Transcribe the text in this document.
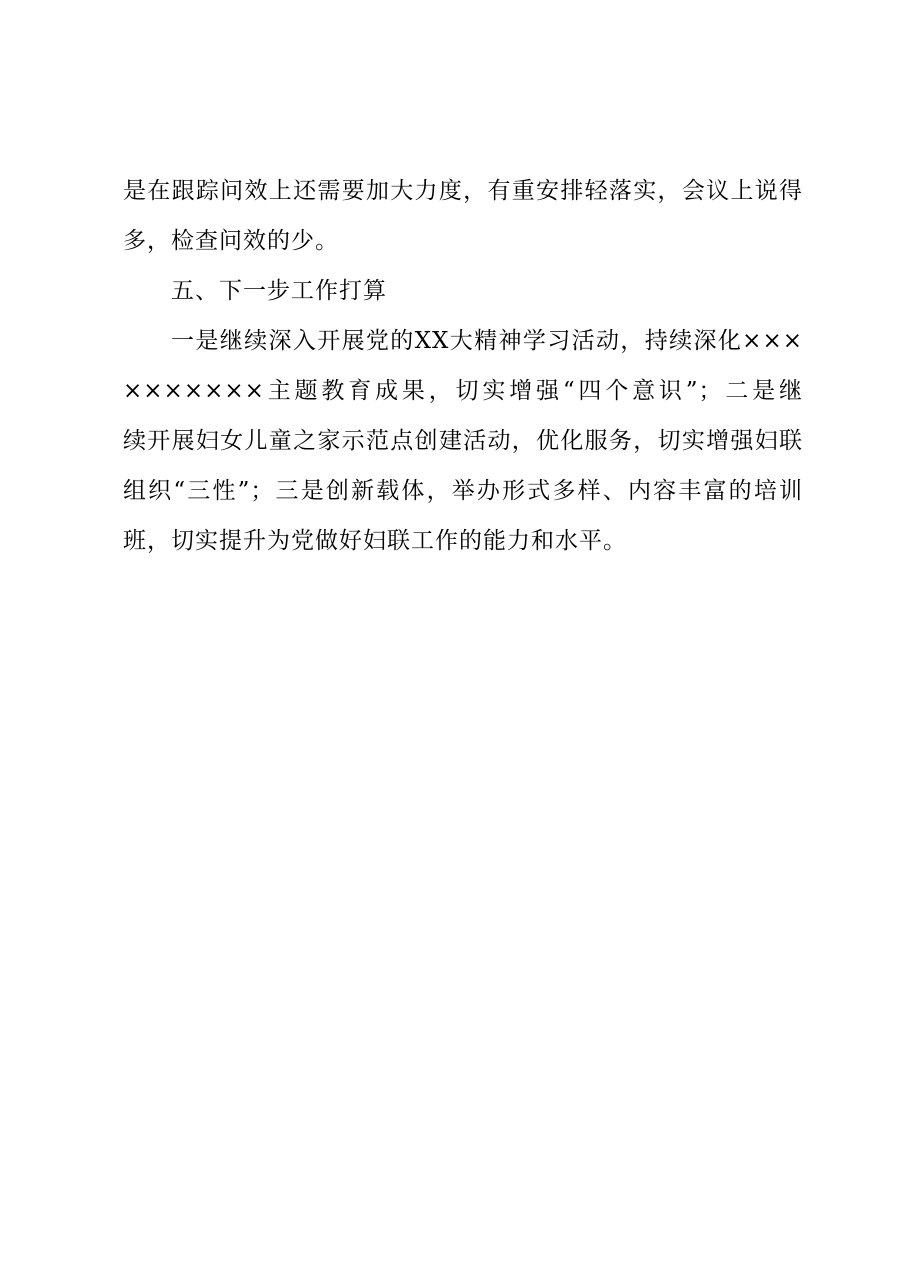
是在跟踪问效上还需要加大力度，有重安排轻落实，会议上说得
多，检查问效的少。
五、下一步工作打算
一是继续深入开展党的XX大精神学习活动，持续深化×××
×××××××主题教育成果，切实增强“四个意识”；二是继
续开展妇女儿童之家示范点创建活动，优化服务，切实增强妇联
组织“三性”；三是创新载体，举办形式多样、内容丰富的培训
班，切实提升为党做好妇联工作的能力和水平。
